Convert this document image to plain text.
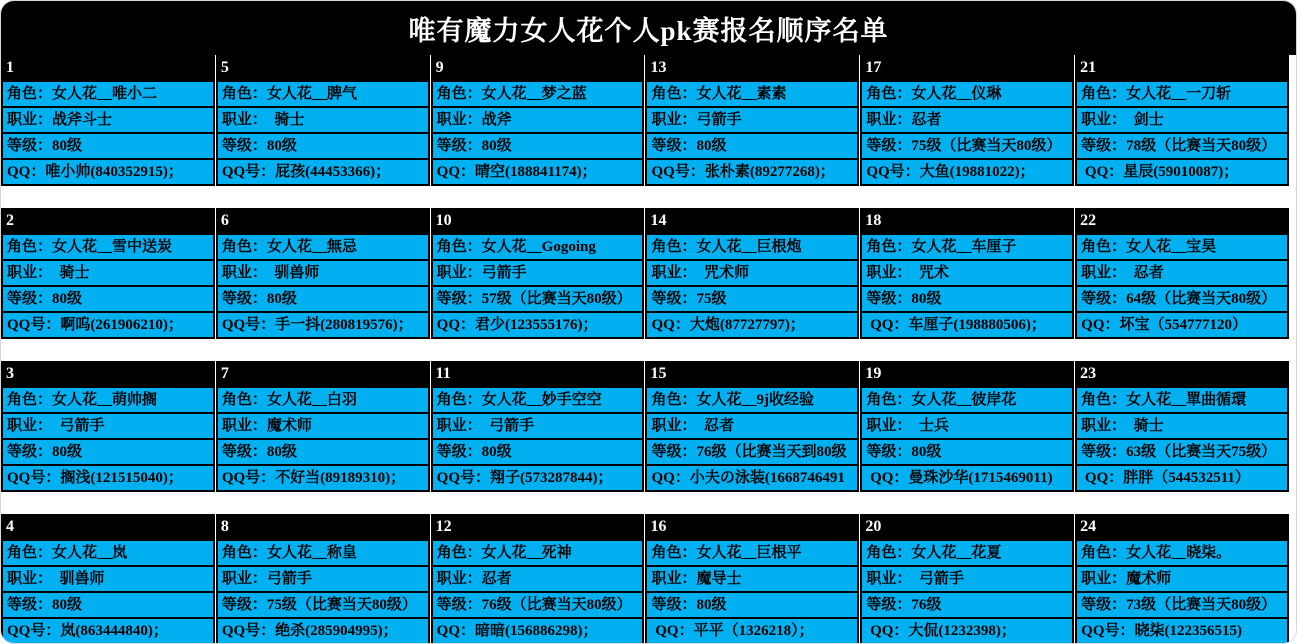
唯有魔力女人花个人pk赛报名顺序名单
1
角色：女人花__唯小二
职业：战斧斗士
等级：80级
QQ：唯小帅(840352915)；
5
角色：女人花__脾气
职业：  骑士
等级：80级
QQ号：屁孩(44453366)；
9
角色：女人花__梦之蓝
职业：战斧
等级：80级
QQ：晴空(188841174)；
13
角色：女人花__素素
职业：弓箭手
等级：80级
QQ号：张朴素(89277268)；
17
角色：女人花__仪琳
职业：忍者
等级：75级（比赛当天80级）
QQ号：大鱼(19881022)；
21
角色：女人花__一刀斩
职业：  剑士
等级：78级（比赛当天80级）
QQ：星辰(59010087)；
2
角色：女人花__雪中送炭
职业：  骑士
等级：80级
QQ号：啊呜(261906210)；
6
角色：女人花__無忌
职业：  驯兽师
等级：80级
QQ号：手一抖(280819576)；
10
角色：女人花__Gogoing
职业：弓箭手
等级：57级（比赛当天80级）
QQ：君少(123555176)；
14
角色：女人花__巨根炮
职业：  咒术师
等级：75级
QQ：大炮(87727797)；
18
角色：女人花__车厘子
职业：  咒术
等级：80级
QQ：车厘子(198880506)；
22
角色：女人花__宝昊
职业：  忍者
等级：64级（比赛当天80级）
QQ：坏宝（554777120）
3
角色：女人花__萌帅搁
职业：  弓箭手
等级：80级
QQ号：搁浅(121515040)；
7
角色：女人花__白羽
职业：魔术师
等级：80级
QQ号：不好当(89189310)；
11
角色：女人花__妙手空空
职业：  弓箭手
等级：80级
QQ号：翔子(573287844)；
15
角色：女人花__9j收经验
职业：  忍者
等级：76级（比赛当天到80级
QQ：小夫の泳装(1668746491
19
角色：女人花__彼岸花
职业：  士兵
等级：80级
QQ：曼珠沙华(1715469011)
23
角色：女人花__單曲循環
职业：  骑士
等级：63级（比赛当天75级）
QQ：胖胖（544532511）
4
角色：女人花__岚
职业：  驯兽师
等级：80级
QQ号：岚(863444840)；
8
角色：女人花__称皇
职业：弓箭手
等级：75级（比赛当天80级）
QQ号：绝杀(285904995)；
12
角色：女人花__死神
职业：忍者
等级：76级（比赛当天80级）
QQ：暗暗(156886298)；
16
角色：女人花__巨根平
职业：魔导士
等级：80级
QQ：平平（1326218）；
20
角色：女人花__花夏
职业：  弓箭手
等级：76级
QQ：大侃(1232398)；
24
角色：女人花__晓柒。
职业：魔术师
等级：73级（比赛当天80级）
QQ号：晓柒(122356515)
